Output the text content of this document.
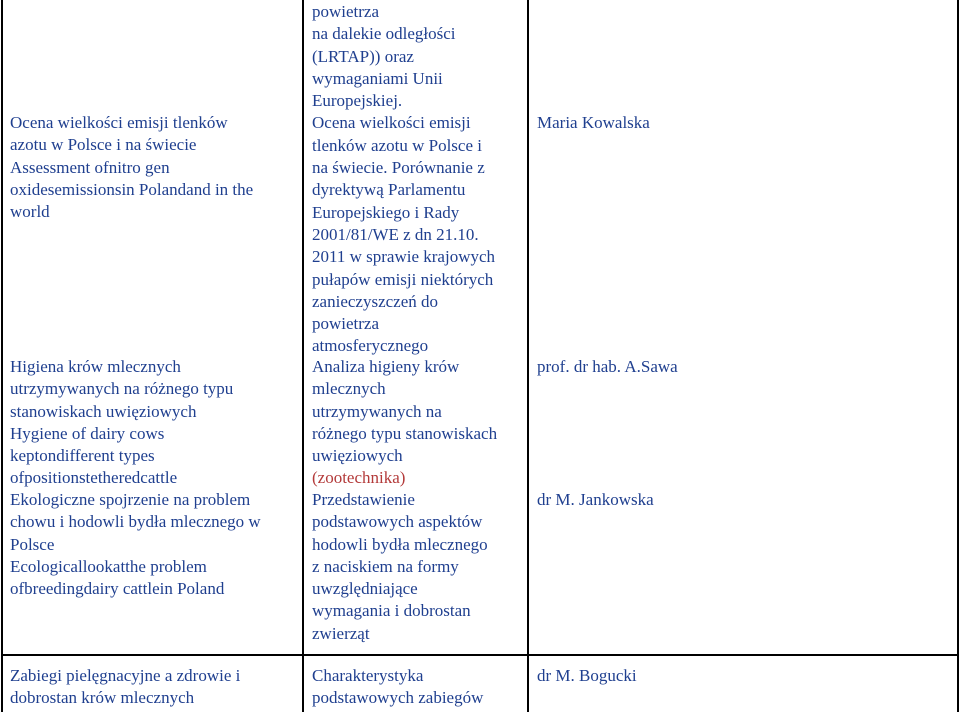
Ocena wielkości emisji tlenków
azotu w Polsce i na świecie
Assessment ofnitro gen
oxidesemissionsin Polandand in the
world
powietrza
na dalekie odległości
(LRTAP)) oraz
wymaganiami Unii
Europejskiej.
Ocena wielkości emisji
tlenków azotu w Polsce i
na świecie. Porównanie z
dyrektywą Parlamentu
Europejskiego i Rady
2001/81/WE z dn 21.10.
2011 w sprawie krajowych
pułapów emisji niektórych
zanieczyszczeń do
powietrza
atmosferycznego
Maria Kowalska
Higiena krów mlecznych
utrzymywanych na różnego typu
stanowiskach uwięziowych
Hygiene of dairy cows
keptondifferent types
ofpositionstetheredcattle
Analiza higieny krów
mlecznych
utrzymywanych na
różnego typu stanowiskach
uwięziowych
(zootechnika)
prof. dr hab. A.Sawa
Ekologiczne spojrzenie na problem
chowu i hodowli bydła mlecznego w
Polsce
Ecologicallookatthe problem
ofbreedingdairy cattlein Poland
Przedstawienie
podstawowych aspektów
hodowli bydła mlecznego
z naciskiem na formy
uwzględniające
wymagania i dobrostan
zwierząt
dr M. Jankowska
Zabiegi pielęgnacyjne a zdrowie i
dobrostan krów mlecznych
Charakterystyka
podstawowych zabiegów
dr M. Bogucki
